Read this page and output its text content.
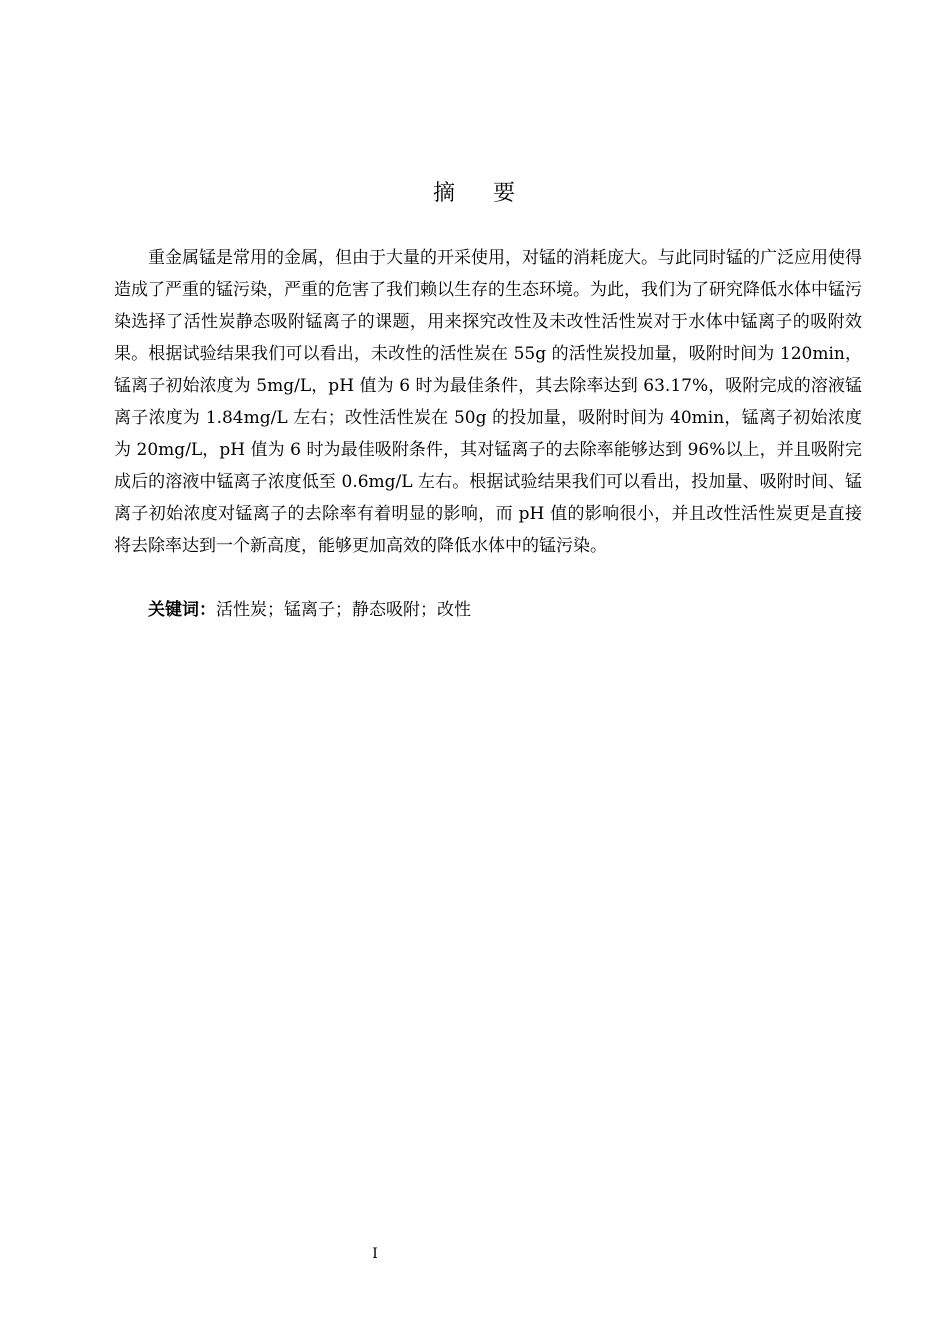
摘    要

重金属锰是常用的金属，但由于大量的开采使用，对锰的消耗庞大。与此同时锰的广泛应用使得造成了严重的锰污染，严重的危害了我们赖以生存的生态环境。为此，我们为了研究降低水体中锰污染选择了活性炭静态吸附锰离子的课题，用来探究改性及未改性活性炭对于水体中锰离子的吸附效果。根据试验结果我们可以看出，未改性的活性炭在 55g 的活性炭投加量，吸附时间为 120min，锰离子初始浓度为 5mg/L，pH 值为 6 时为最佳条件，其去除率达到 63.17%，吸附完成的溶液锰离子浓度为 1.84mg/L 左右；改性活性炭在 50g 的投加量，吸附时间为 40min，锰离子初始浓度为 20mg/L，pH 值为 6 时为最佳吸附条件，其对锰离子的去除率能够达到 96%以上，并且吸附完成后的溶液中锰离子浓度低至 0.6mg/L 左右。根据试验结果我们可以看出，投加量、吸附时间、锰离子初始浓度对锰离子的去除率有着明显的影响，而 pH 值的影响很小，并且改性活性炭更是直接将去除率达到一个新高度，能够更加高效的降低水体中的锰污染。

关键词：活性炭；锰离子；静态吸附；改性

I
